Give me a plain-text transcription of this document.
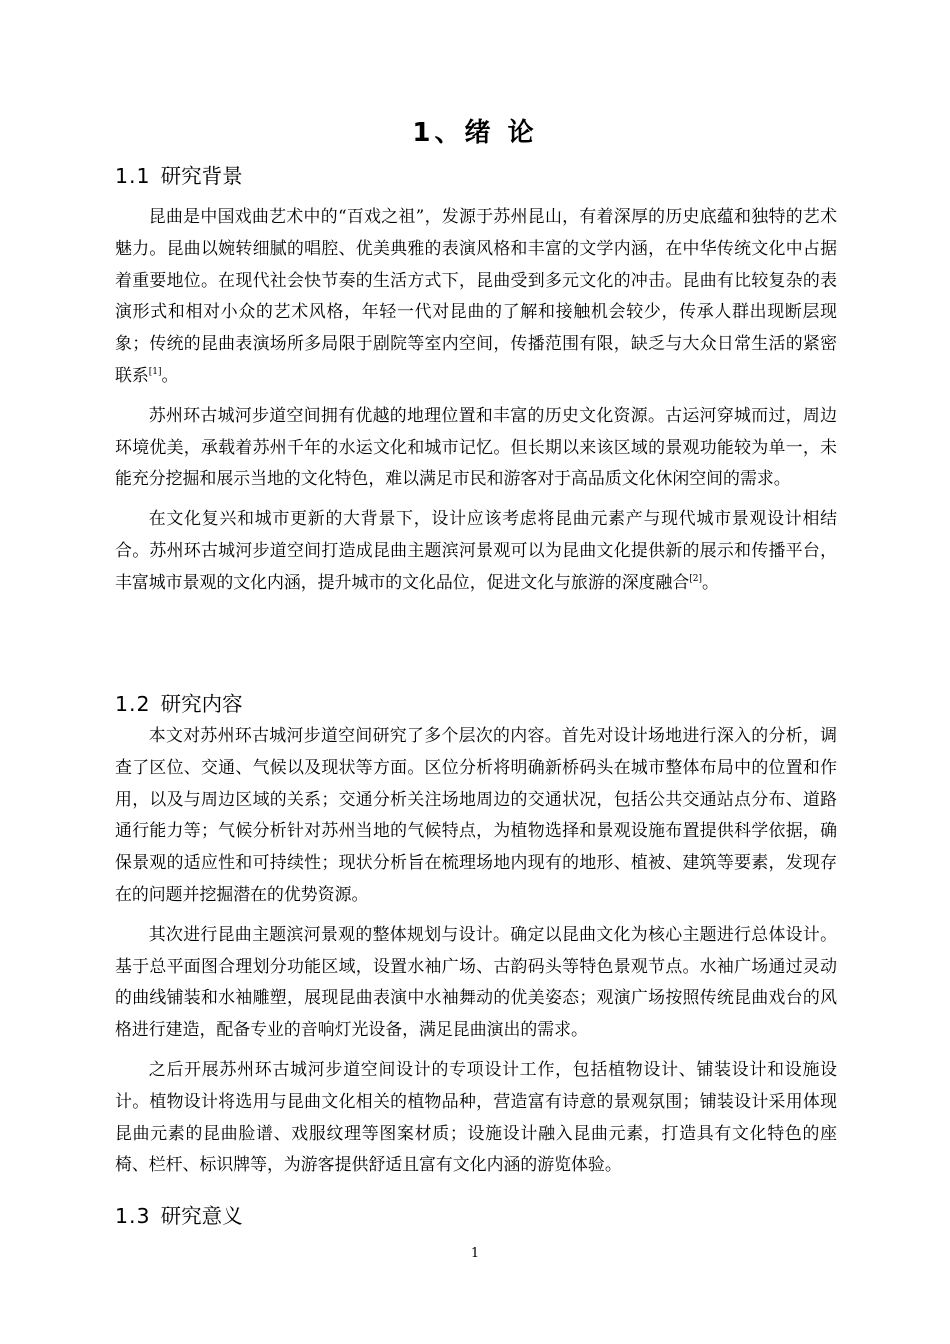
1、绪 论
1.1 研究背景

昆曲是中国戏曲艺术中的“百戏之祖”，发源于苏州昆山，有着深厚的历史底蕴和独特的艺术魅力。昆曲以婉转细腻的唱腔、优美典雅的表演风格和丰富的文学内涵，在中华传统文化中占据着重要地位。在现代社会快节奏的生活方式下，昆曲受到多元文化的冲击。昆曲有比较复杂的表演形式和相对小众的艺术风格，年轻一代对昆曲的了解和接触机会较少，传承人群出现断层现象；传统的昆曲表演场所多局限于剧院等室内空间，传播范围有限，缺乏与大众日常生活的紧密联系[1]。

苏州环古城河步道空间拥有优越的地理位置和丰富的历史文化资源。古运河穿城而过，周边环境优美，承载着苏州千年的水运文化和城市记忆。但长期以来该区域的景观功能较为单一，未能充分挖掘和展示当地的文化特色，难以满足市民和游客对于高品质文化休闲空间的需求。

在文化复兴和城市更新的大背景下，设计应该考虑将昆曲元素产与现代城市景观设计相结合。苏州环古城河步道空间打造成昆曲主题滨河景观可以为昆曲文化提供新的展示和传播平台，丰富城市景观的文化内涵，提升城市的文化品位，促进文化与旅游的深度融合[2]。

1.2 研究内容

本文对苏州环古城河步道空间研究了多个层次的内容。首先对设计场地进行深入的分析，调查了区位、交通、气候以及现状等方面。区位分析将明确新桥码头在城市整体布局中的位置和作用，以及与周边区域的关系；交通分析关注场地周边的交通状况，包括公共交通站点分布、道路通行能力等；气候分析针对苏州当地的气候特点，为植物选择和景观设施布置提供科学依据，确保景观的适应性和可持续性；现状分析旨在梳理场地内现有的地形、植被、建筑等要素，发现存在的问题并挖掘潜在的优势资源。

其次进行昆曲主题滨河景观的整体规划与设计。确定以昆曲文化为核心主题进行总体设计。基于总平面图合理划分功能区域，设置水袖广场、古韵码头等特色景观节点。水袖广场通过灵动的曲线铺装和水袖雕塑，展现昆曲表演中水袖舞动的优美姿态；观演广场按照传统昆曲戏台的风格进行建造，配备专业的音响灯光设备，满足昆曲演出的需求。

之后开展苏州环古城河步道空间设计的专项设计工作，包括植物设计、铺装设计和设施设计。植物设计将选用与昆曲文化相关的植物品种，营造富有诗意的景观氛围；铺装设计采用体现昆曲元素的昆曲脸谱、戏服纹理等图案材质；设施设计融入昆曲元素，打造具有文化特色的座椅、栏杆、标识牌等，为游客提供舒适且富有文化内涵的游览体验。

1.3 研究意义
1
